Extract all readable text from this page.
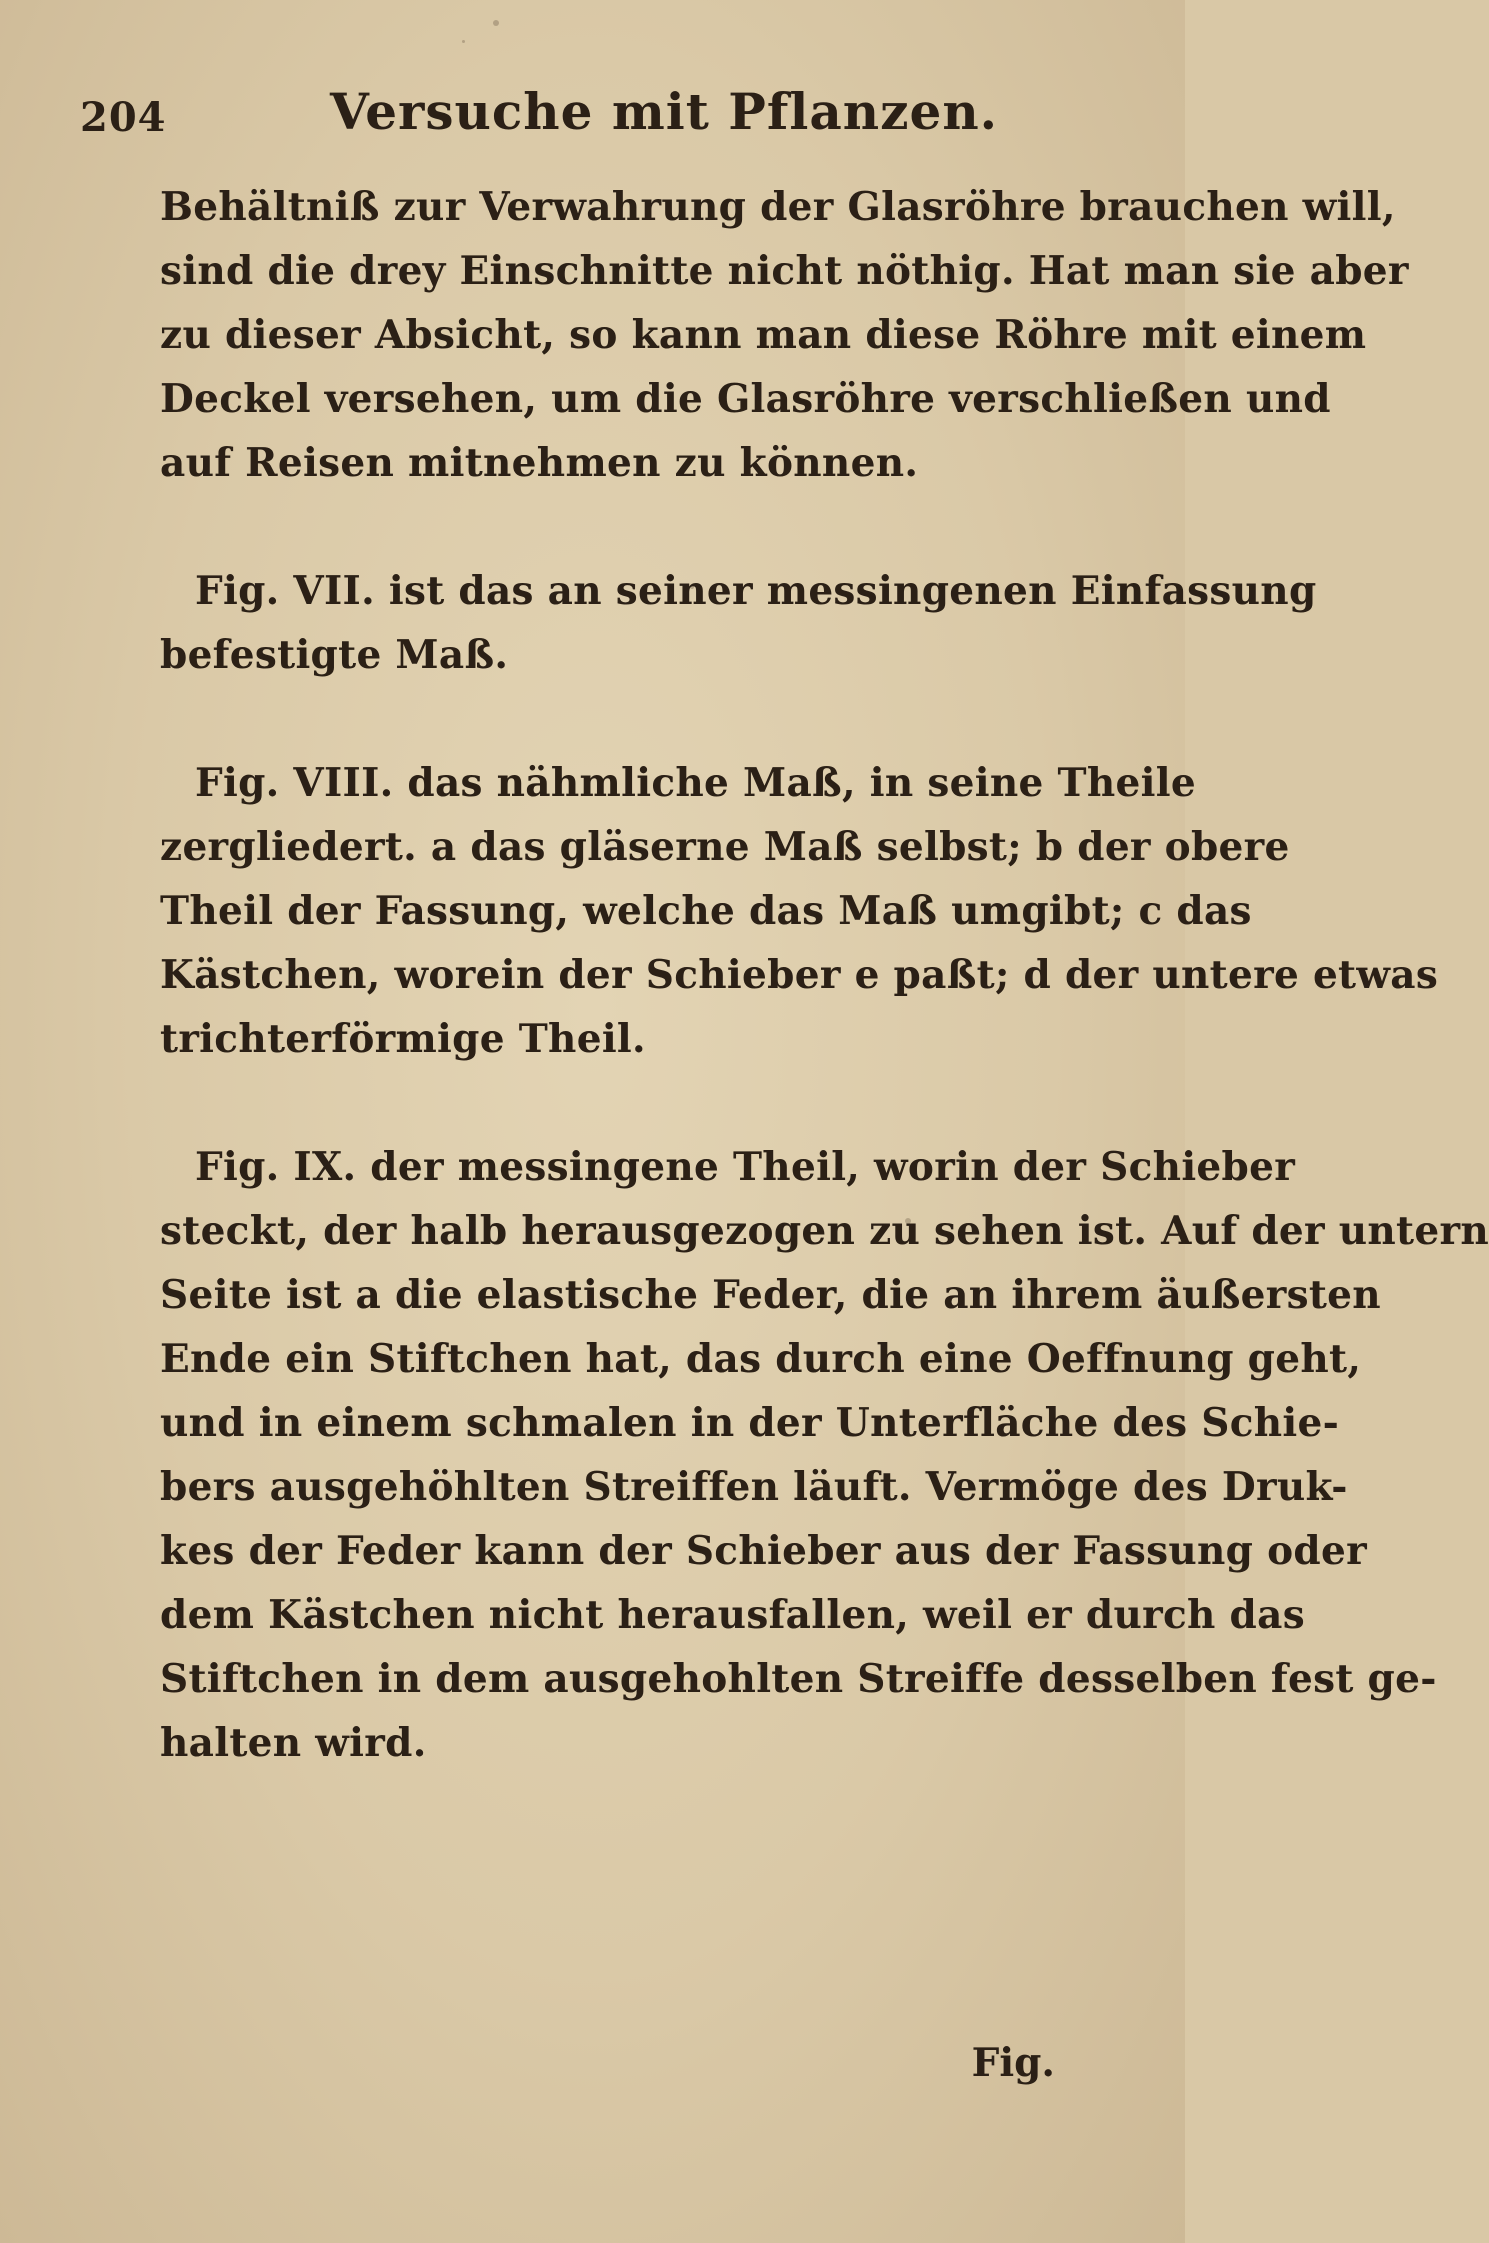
204	Versuche mit Pflanzen.
Behältniß zur Verwahrung der Glasröhre brauchen will,
sind die drey Einschnitte nicht nöthig. Hat man sie aber
zu dieser Absicht, so kann man diese Röhre mit einem
Deckel versehen, um die Glasröhre verschließen und
auf Reisen mitnehmen zu können.
Fig. VII. ist das an seiner messingenen Einfassung
befestigte Maß.
Fig. VIII. das nähmliche Maß, in seine Theile
zergliedert. a das gläserne Maß selbst; b der obere
Theil der Fassung, welche das Maß umgibt; c das
Kästchen, worein der Schieber e paßt; d der untere etwas
trichterförmige Theil.
Fig. IX. der messingene Theil, worin der Schieber
steckt, der halb herausgezogen zu sehen ist. Auf der untern
Seite ist a die elastische Feder, die an ihrem äußersten
Ende ein Stiftchen hat, das durch eine Oeffnung geht,
und in einem schmalen in der Unterfläche des Schie-
bers ausgehöhlten Streiffen läuft. Vermöge des Druk-
kes der Feder kann der Schieber aus der Fassung oder
dem Kästchen nicht herausfallen, weil er durch das
Stiftchen in dem ausgehohlten Streiffe desselben fest ge-
halten wird.
Fig.
